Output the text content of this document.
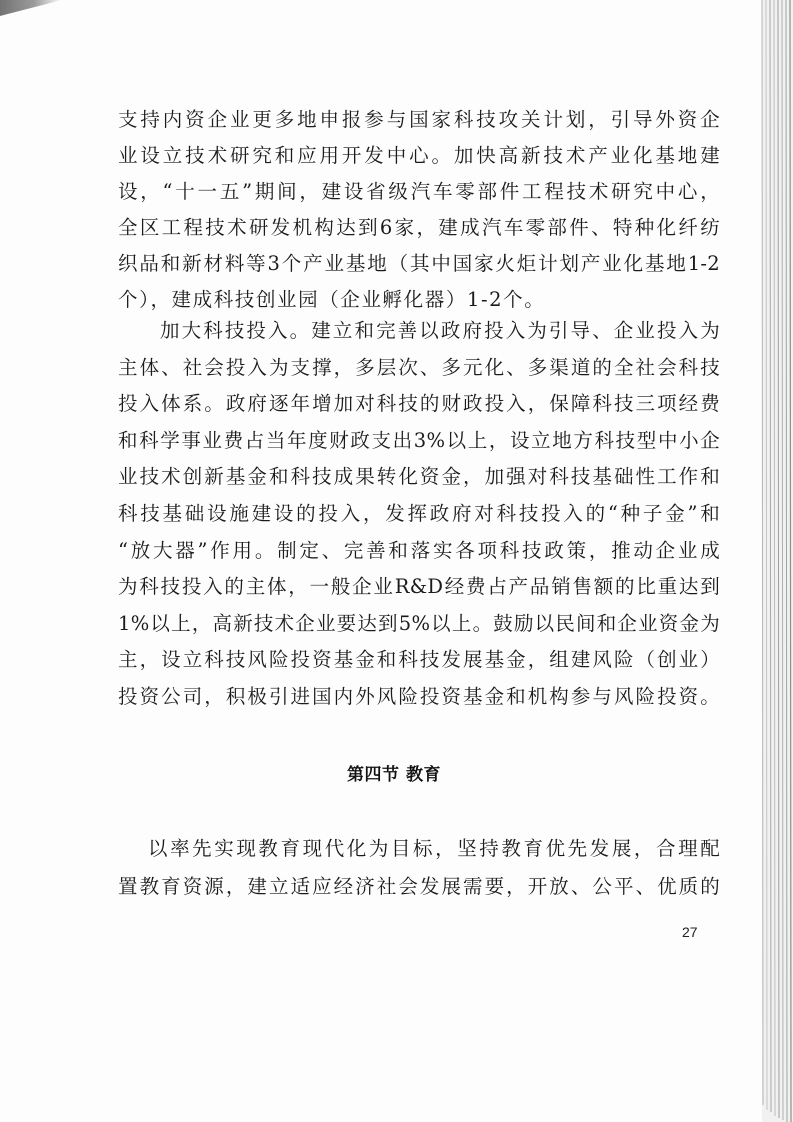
支持内资企业更多地申报参与国家科技攻关计划，引导外资企
业设立技术研究和应用开发中心。加快高新技术产业化基地建
设，“十一五”期间，建设省级汽车零部件工程技术研究中心，
全区工程技术研发机构达到6家，建成汽车零部件、特种化纤纺
织品和新材料等3个产业基地（其中国家火炬计划产业化基地1-2
个），建成科技创业园（企业孵化器）1-2个。
加大科技投入。建立和完善以政府投入为引导、企业投入为
主体、社会投入为支撑，多层次、多元化、多渠道的全社会科技
投入体系。政府逐年增加对科技的财政投入，保障科技三项经费
和科学事业费占当年度财政支出3%以上，设立地方科技型中小企
业技术创新基金和科技成果转化资金，加强对科技基础性工作和
科技基础设施建设的投入，发挥政府对科技投入的“种子金”和
“放大器”作用。制定、完善和落实各项科技政策，推动企业成
为科技投入的主体，一般企业R&D经费占产品销售额的比重达到
1%以上，高新技术企业要达到5%以上。鼓励以民间和企业资金为
主，设立科技风险投资基金和科技发展基金，组建风险（创业）
投资公司，积极引进国内外风险投资基金和机构参与风险投资。
第四节 教育
以率先实现教育现代化为目标，坚持教育优先发展，合理配
置教育资源，建立适应经济社会发展需要，开放、公平、优质的
27
